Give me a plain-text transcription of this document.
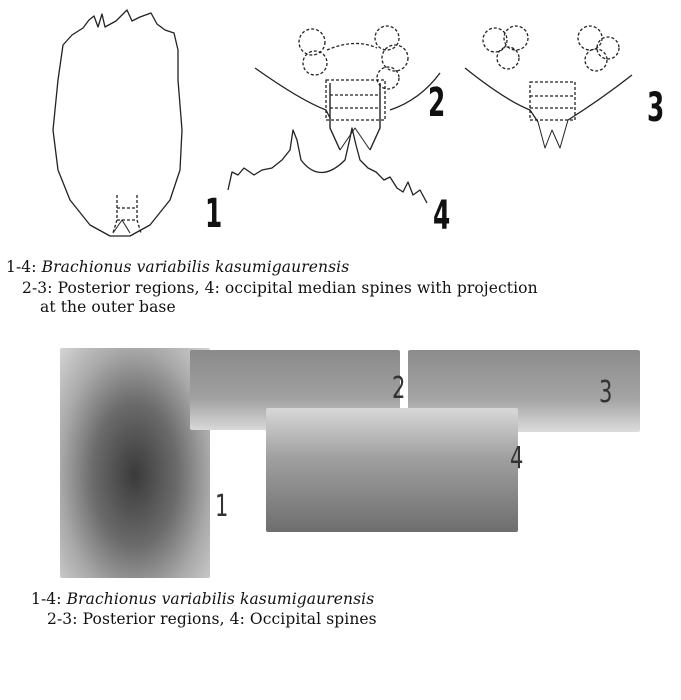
1
2	3
4
1-4: Brachionus variabilis kasumigaurensis
2-3: Posterior regions, 4: occipital median spines with projection
at the outer base
1
2	3
4
1-4: Brachionus variabilis kasumigaurensis
2-3: Posterior regions, 4: Occipital spines
